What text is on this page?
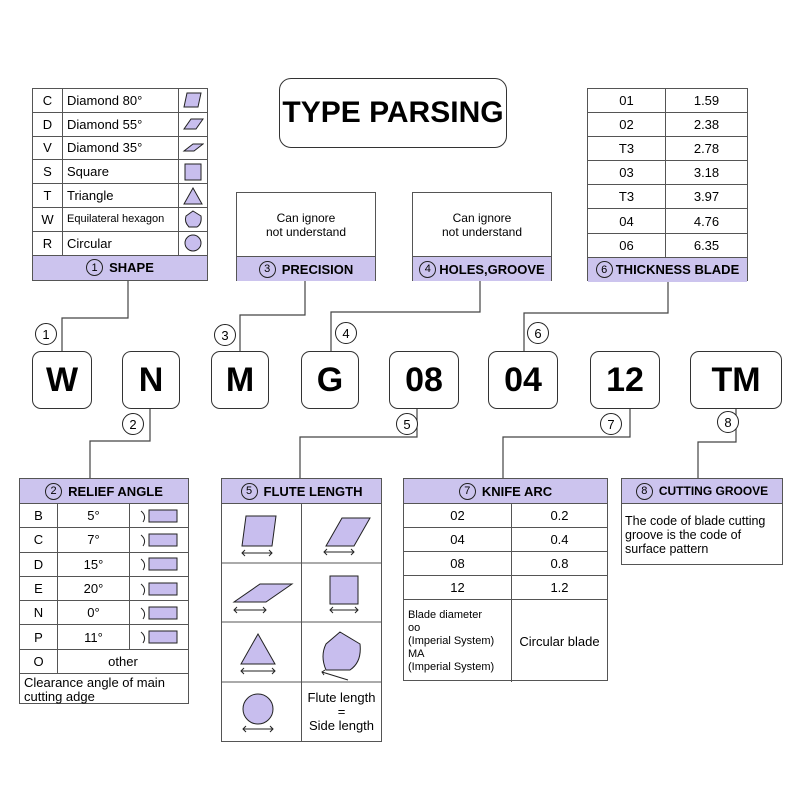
TYPE PARSING
C	Diamond 80°
D	Diamond 55°
V	Diamond 35°
S	Square
T	Triangle
W	Equilateral hexagon
R	Circular
1 SHAPE
Can ignore
not understand
3 PRECISION
Can ignore
not understand
4 HOLES,GROOVE
01	1.59
02	2.38
T3	2.78
03	3.18
T3	3.97
04	4.76
06	6.35
6 THICKNESS BLADE
1
2
3	4
5
6
7	8
W	N	M	G	08	04	12	TM
2 RELIEF ANGLE
B	5°
C	7°
D	15°
E	20°
N	0°
P	11°
O	other
Clearance angle of main cutting adge
5 FLUTE LENGTH
Flute length
=
Side length
7 KNIFE ARC
02	0.2
04	0.4
08	0.8
12	1.2
Blade diameter
oo
(Imperial System)
MA
(Imperial System)
Circular blade
8 CUTTING GROOVE
The code of blade cutting groove is the code of surface pattern
